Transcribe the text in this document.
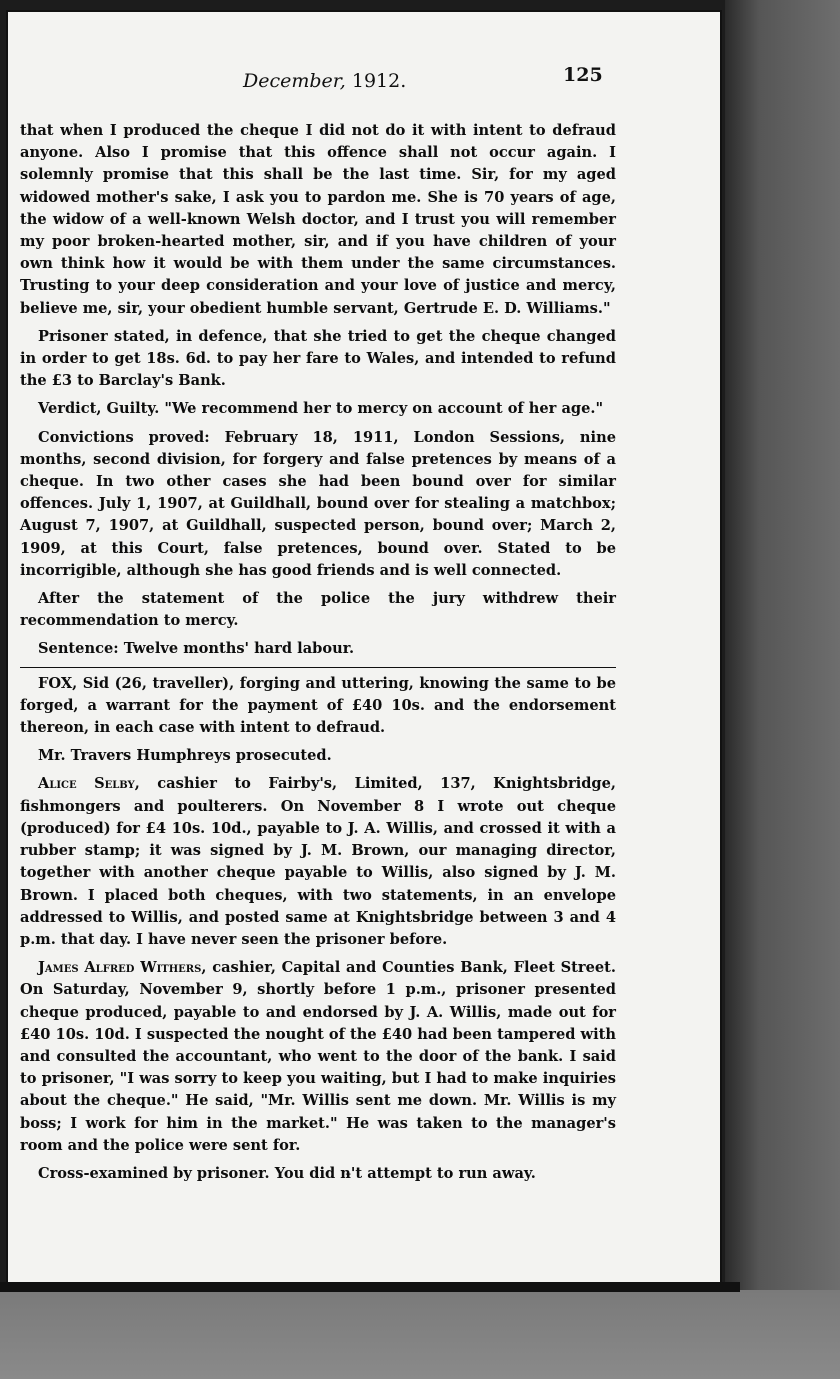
December, 1912.	125

that when I produced the cheque I did not do it with intent to defraud anyone. Also I promise that this offence shall not occur again. I solemnly promise that this shall be the last time. Sir, for my aged widowed mother's sake, I ask you to pardon me. She is 70 years of age, the widow of a well-known Welsh doctor, and I trust you will remember my poor broken-hearted mother, sir, and if you have children of your own think how it would be with them under the same circumstances. Trusting to your deep consideration and your love of justice and mercy, believe me, sir, your obedient humble servant, Gertrude E. D. Williams."

Prisoner stated, in defence, that she tried to get the cheque changed in order to get 18s. 6d. to pay her fare to Wales, and intended to refund the £3 to Barclay's Bank.

Verdict, Guilty. "We recommend her to mercy on account of her age."

Convictions proved: February 18, 1911, London Sessions, nine months, second division, for forgery and false pretences by means of a cheque. In two other cases she had been bound over for similar offences. July 1, 1907, at Guildhall, bound over for stealing a matchbox; August 7, 1907, at Guildhall, suspected person, bound over; March 2, 1909, at this Court, false pretences, bound over. Stated to be incorrigible, although she has good friends and is well connected.

After the statement of the police the jury withdrew their recommendation to mercy.

Sentence: Twelve months' hard labour.

FOX, Sid (26, traveller), forging and uttering, knowing the same to be forged, a warrant for the payment of £40 10s. and the endorsement thereon, in each case with intent to defraud.

Mr. Travers Humphreys prosecuted.

Alice Selby, cashier to Fairby's, Limited, 137, Knightsbridge, fishmongers and poulterers. On November 8 I wrote out cheque (produced) for £4 10s. 10d., payable to J. A. Willis, and crossed it with a rubber stamp; it was signed by J. M. Brown, our managing director, together with another cheque payable to Willis, also signed by J. M. Brown. I placed both cheques, with two statements, in an envelope addressed to Willis, and posted same at Knightsbridge between 3 and 4 p.m. that day. I have never seen the prisoner before.

James Alfred Withers, cashier, Capital and Counties Bank, Fleet Street. On Saturday, November 9, shortly before 1 p.m., prisoner presented cheque produced, payable to and endorsed by J. A. Willis, made out for £40 10s. 10d. I suspected the nought of the £40 had been tampered with and consulted the accountant, who went to the door of the bank. I said to prisoner, "I was sorry to keep you waiting, but I had to make inquiries about the cheque." He said, "Mr. Willis sent me down. Mr. Willis is my boss; I work for him in the market." He was taken to the manager's room and the police were sent for.

Cross-examined by prisoner. You did n̵'t attempt to run away.
